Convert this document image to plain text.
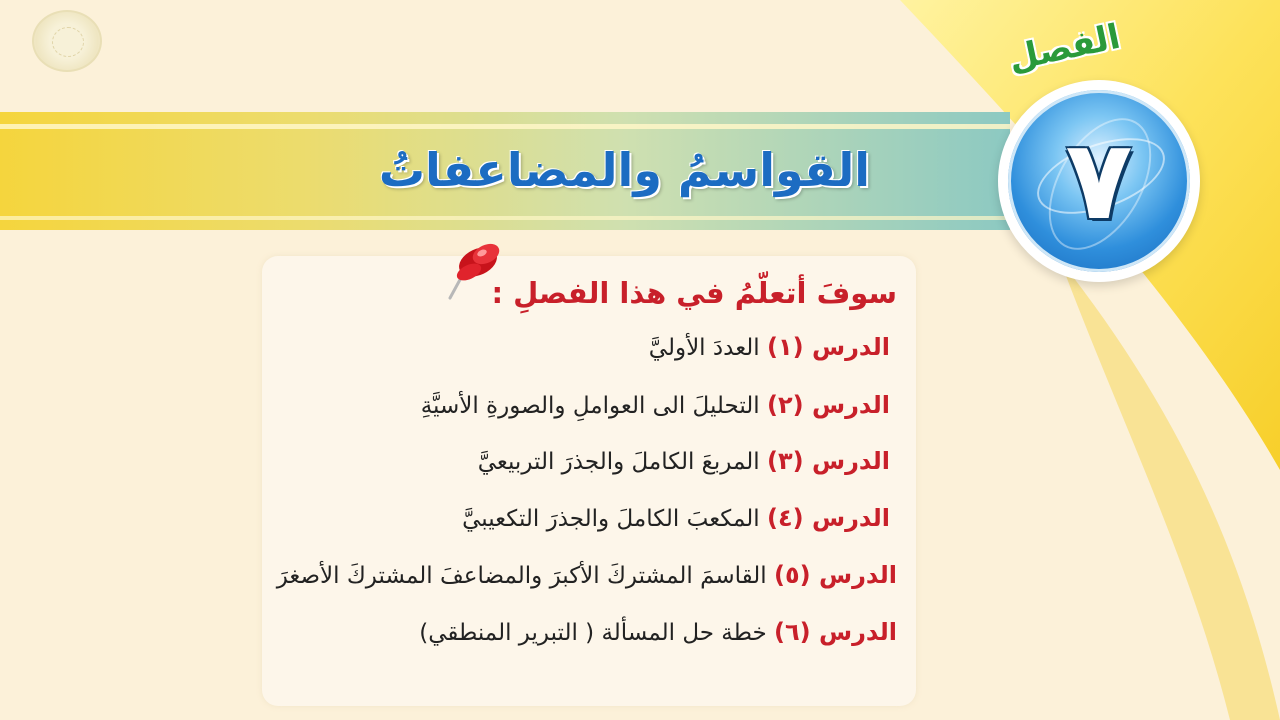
القواسمُ والمضاعفاتُ
الفصل
٧
سوفَ أتعلّمُ في هذا الفصلِ :
الدرس (١) العددَ الأوليَّ
الدرس (٢) التحليلَ الى العواملِ والصورةِ الأسيَّةِ
الدرس (٣) المربعَ الكاملَ والجذرَ التربيعيَّ
الدرس (٤) المكعبَ الكاملَ والجذرَ التكعيبيَّ
الدرس (٥) القاسمَ المشتركَ الأكبرَ والمضاعفَ المشتركَ الأصغرَ
الدرس (٦) خطة حل المسألة ( التبرير المنطقي)
